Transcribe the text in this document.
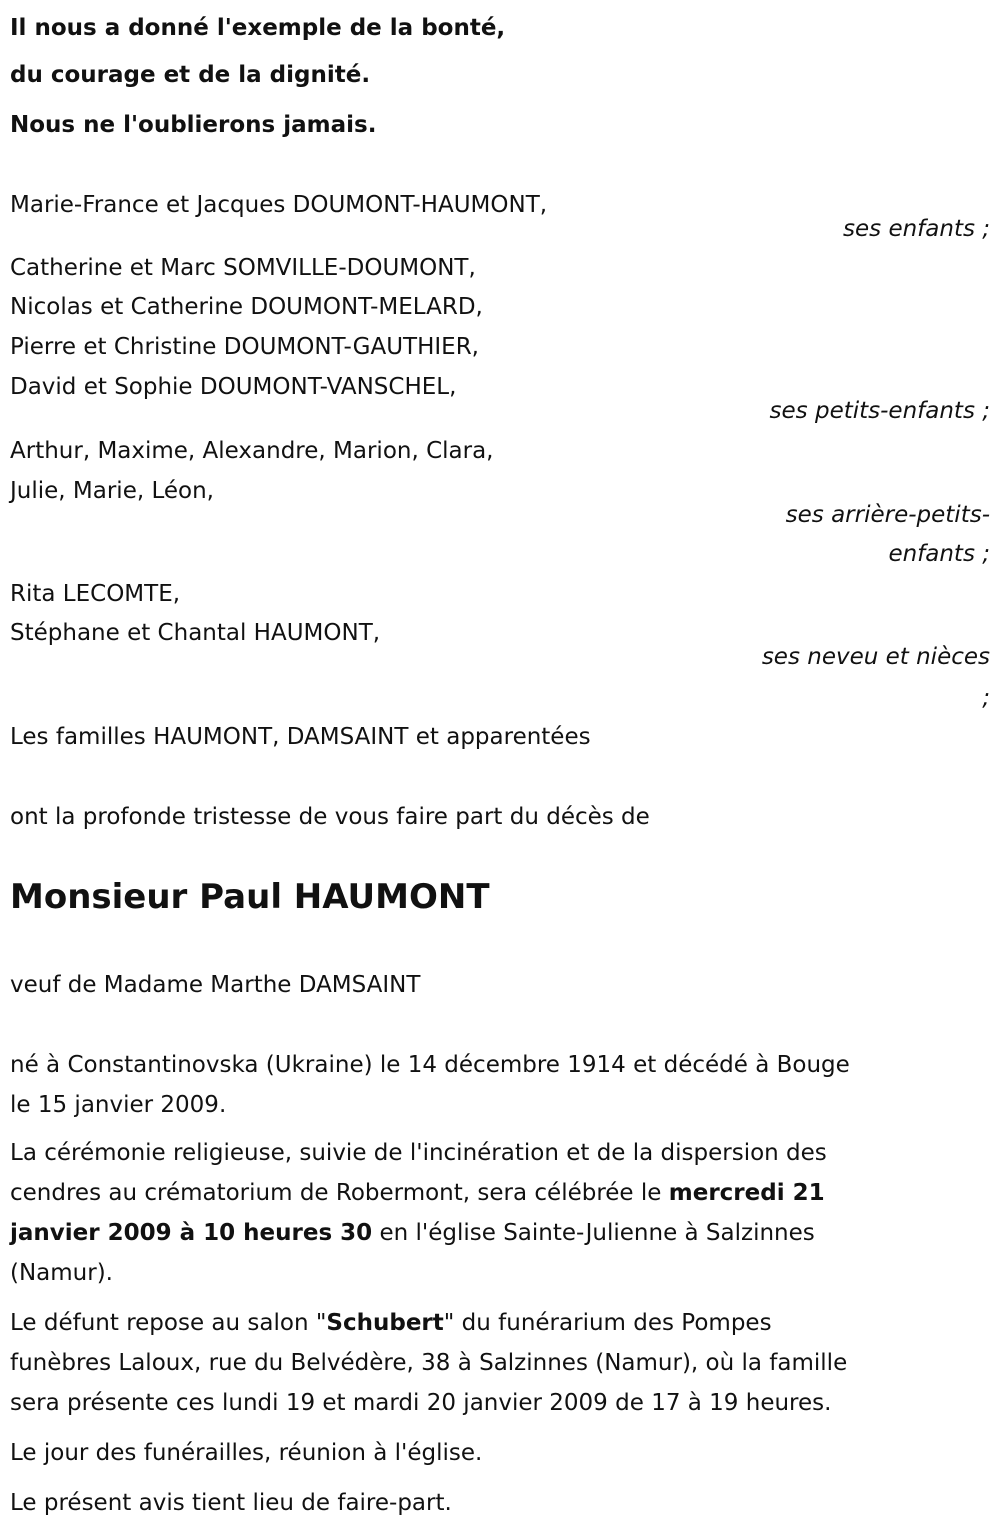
Il nous a donné l'exemple de la bonté,
du courage et de la dignité.
Nous ne l'oublierons jamais.
Marie-France et Jacques DOUMONT-HAUMONT,
ses enfants ;
Catherine et Marc SOMVILLE-DOUMONT,
Nicolas et Catherine DOUMONT-MELARD,
Pierre et Christine DOUMONT-GAUTHIER,
David et Sophie DOUMONT-VANSCHEL,
ses petits-enfants ;
Arthur, Maxime, Alexandre, Marion, Clara,
Julie, Marie, Léon,
ses arrière-petits-
enfants ;
Rita LECOMTE,
Stéphane et Chantal HAUMONT,
ses neveu et nièces
;
Les familles HAUMONT, DAMSAINT et apparentées
ont la profonde tristesse de vous faire part du décès de
Monsieur Paul HAUMONT
veuf de Madame Marthe DAMSAINT
né à Constantinovska (Ukraine) le 14 décembre 1914 et décédé à Bouge
le 15 janvier 2009.
La cérémonie religieuse, suivie de l'incinération et de la dispersion des
cendres au crématorium de Robermont, sera célébrée le mercredi 21
janvier 2009 à 10 heures 30 en l'église Sainte-Julienne à Salzinnes
(Namur).
Le défunt repose au salon "Schubert" du funérarium des Pompes
funèbres Laloux, rue du Belvédère, 38 à Salzinnes (Namur), où la famille
sera présente ces lundi 19 et mardi 20 janvier 2009 de 17 à 19 heures.
Le jour des funérailles, réunion à l'église.
Le présent avis tient lieu de faire-part.
